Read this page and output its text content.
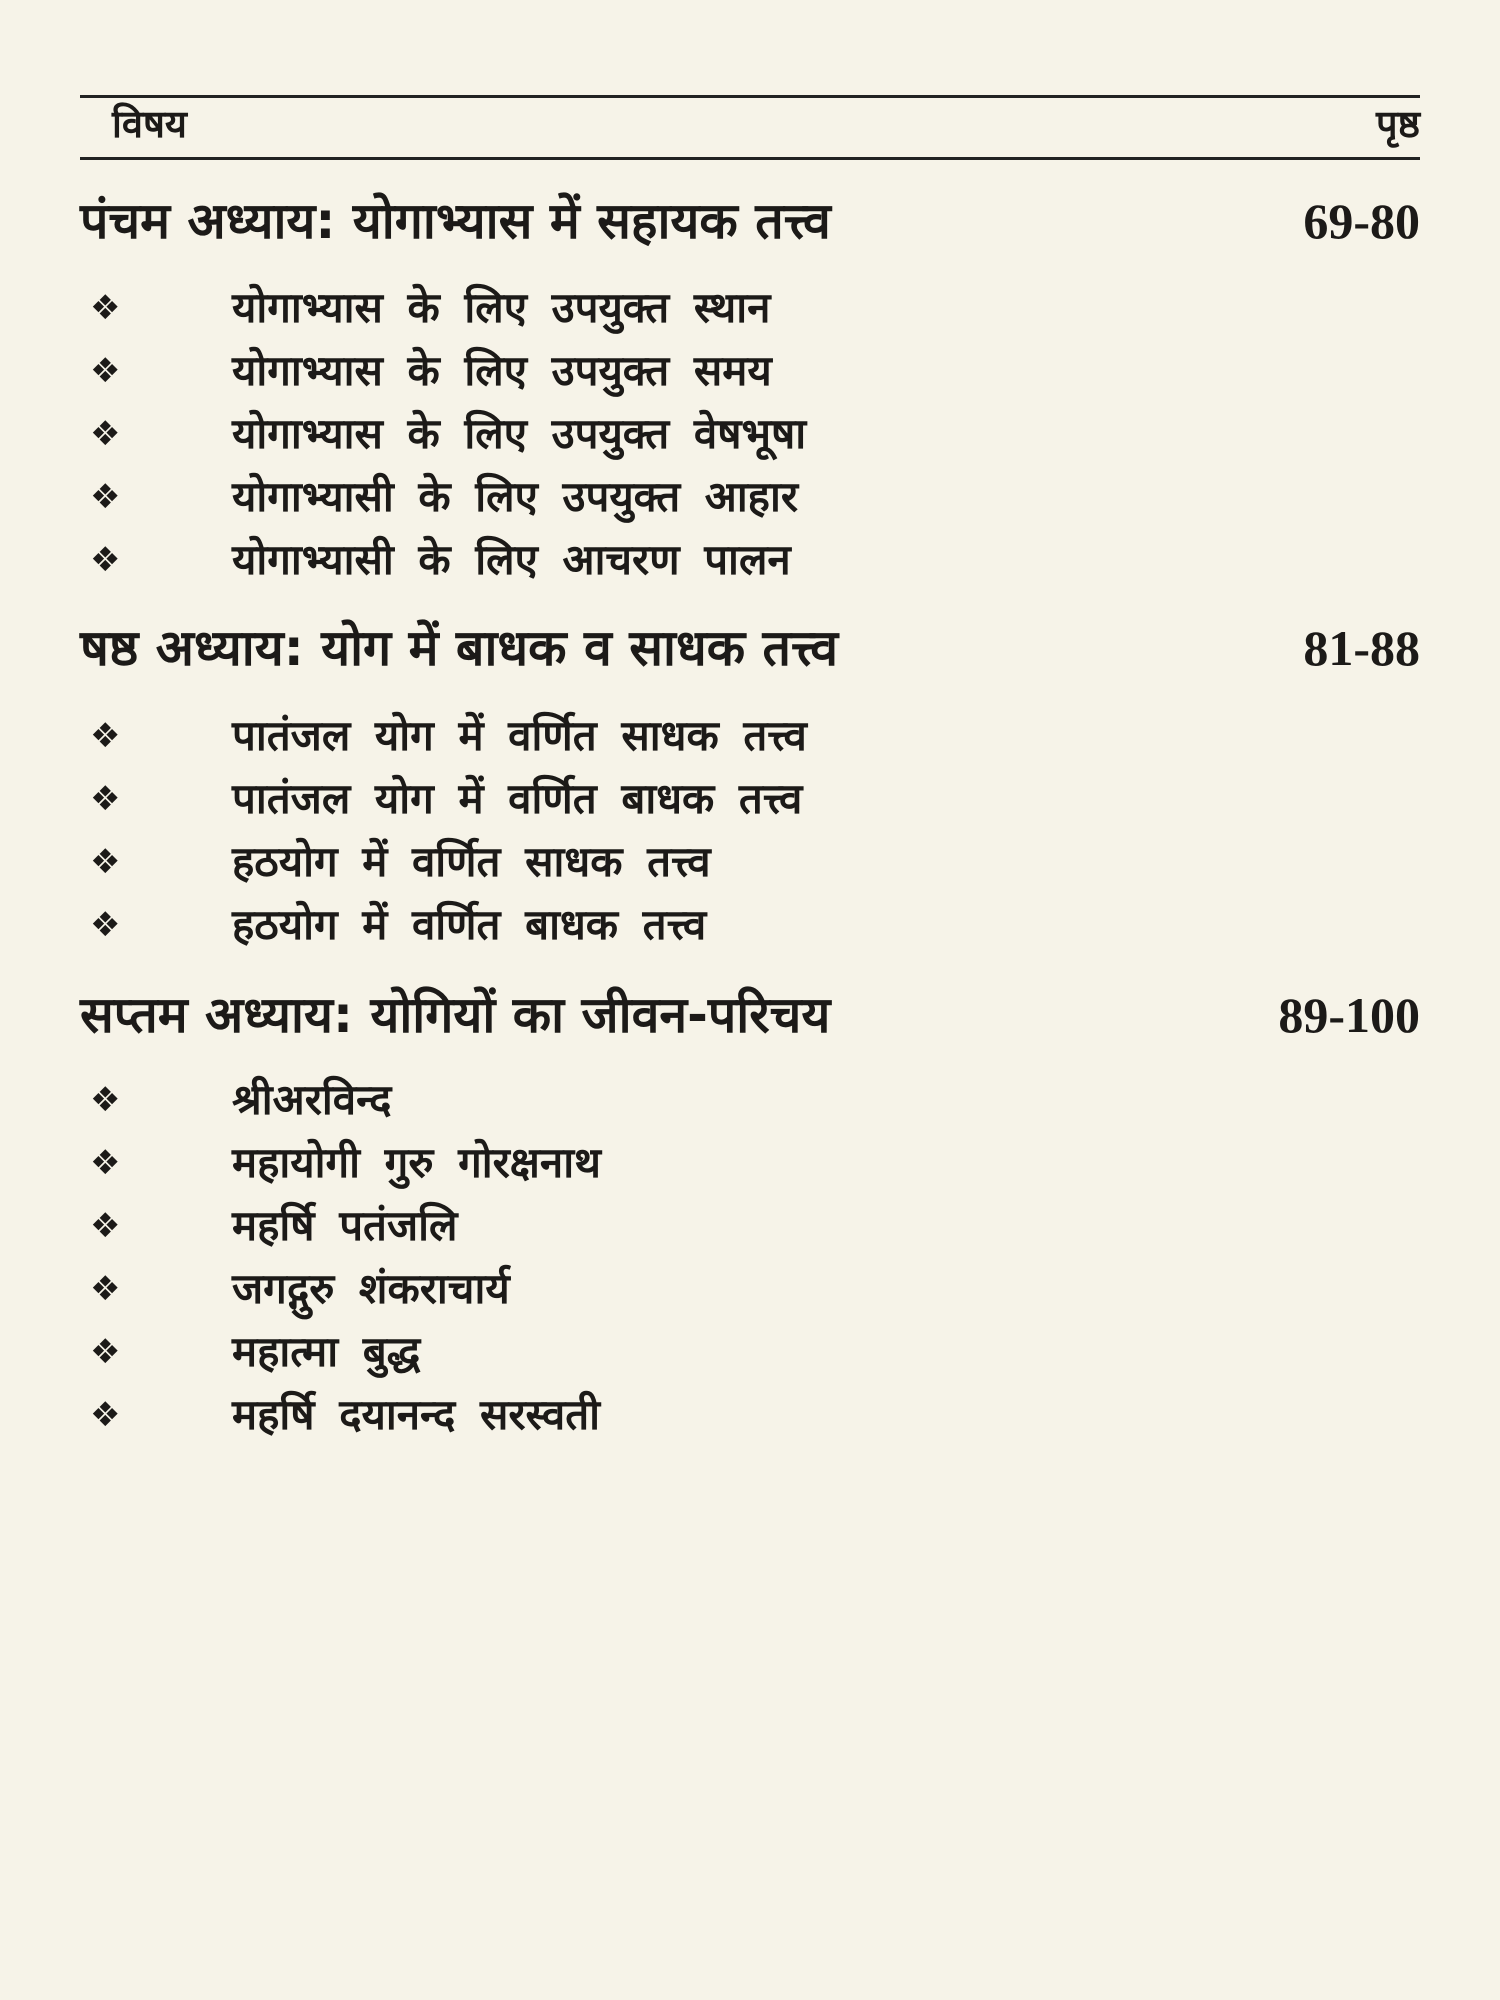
विषय	पृष्ठ
पंचम अध्याय: योगाभ्यास में सहायक तत्त्व	69-80
❖	योगाभ्यास के लिए उपयुक्त स्थान
❖	योगाभ्यास के लिए उपयुक्त समय
❖	योगाभ्यास के लिए उपयुक्त वेषभूषा
❖	योगाभ्यासी के लिए उपयुक्त आहार
❖	योगाभ्यासी के लिए आचरण पालन
षष्ठ अध्याय: योग में बाधक व साधक तत्त्व	81-88
❖	पातंजल योग में वर्णित साधक तत्त्व
❖	पातंजल योग में वर्णित बाधक तत्त्व
❖	हठयोग में वर्णित साधक तत्त्व
❖	हठयोग में वर्णित बाधक तत्त्व
सप्तम अध्याय: योगियों का जीवन-परिचय	89-100
❖	श्रीअरविन्द
❖	महायोगी गुरु गोरक्षनाथ
❖	महर्षि पतंजलि
❖	जगद्गुरु शंकराचार्य
❖	महात्मा बुद्ध
❖	महर्षि दयानन्द सरस्वती
